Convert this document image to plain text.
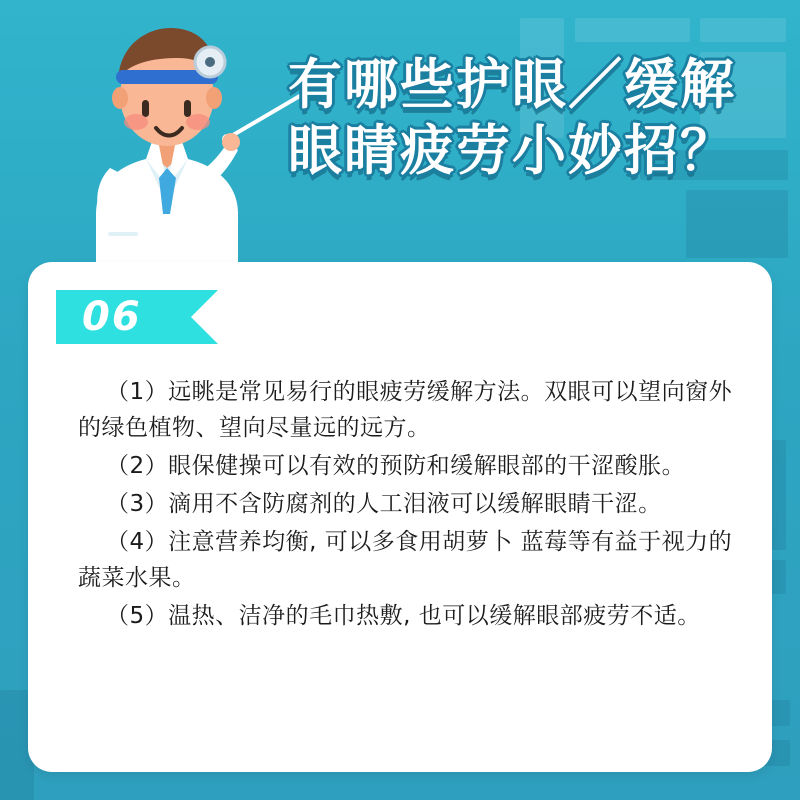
有哪些护眼／缓解
眼睛疲劳小妙招？
06

（1）远眺是常见易行的眼疲劳缓解方法。双眼可以望向窗外的绿色植物、望向尽量远的远方。

（2）眼保健操可以有效的预防和缓解眼部的干涩酸胀。

（3）滴用不含防腐剂的人工泪液可以缓解眼睛干涩。

（4）注意营养均衡, 可以多食用胡萝卜 蓝莓等有益于视力的蔬菜水果。

（5）温热、洁净的毛巾热敷, 也可以缓解眼部疲劳不适。
